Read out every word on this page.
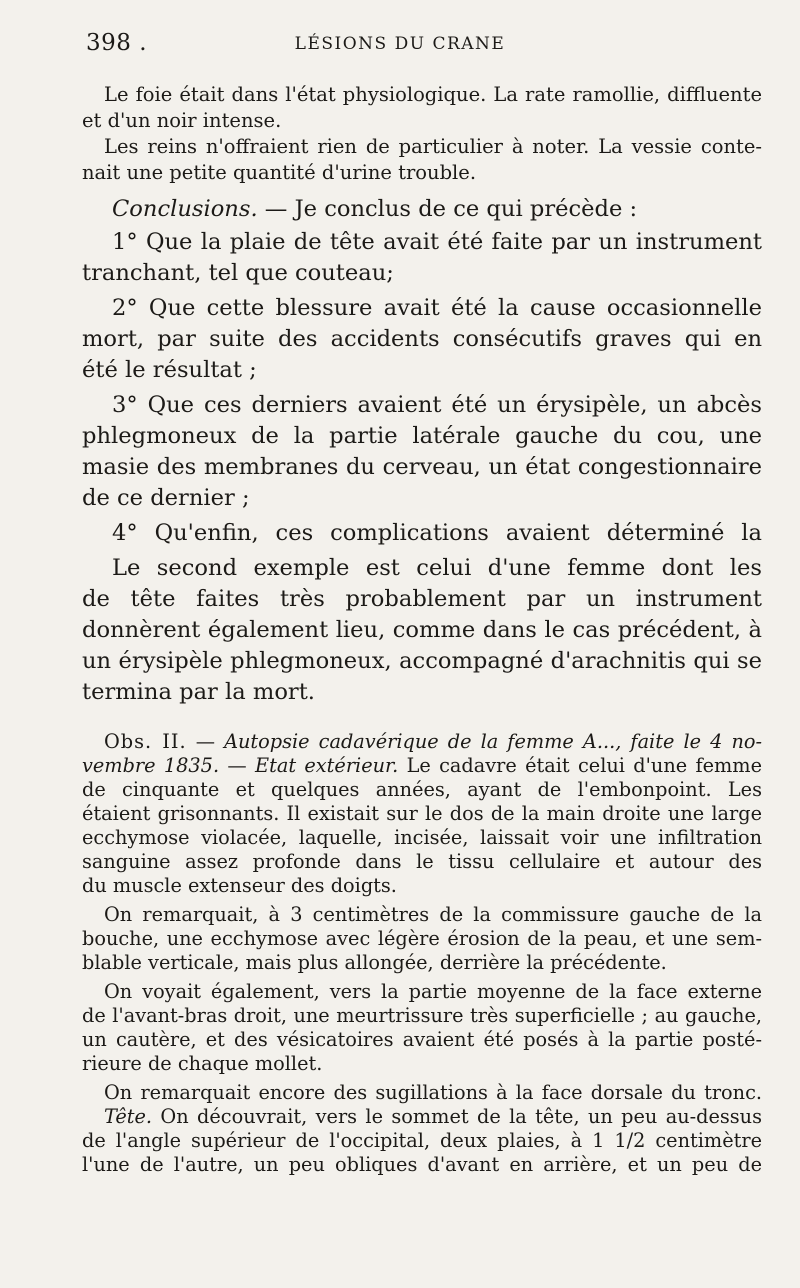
398 .	LÉSIONS DU CRANE
Le foie était dans l'état physiologique. La rate ramollie, diffluente
et d'un noir intense.
Les reins n'offraient rien de particulier à noter. La vessie conte-
nait une petite quantité d'urine trouble.
Conclusions. — Je conclus de ce qui précède :
1° Que la plaie de tête avait été faite par un instrument
tranchant, tel que couteau;
2° Que cette blessure avait été la cause occasionnelle
mort, par suite des accidents consécutifs graves qui en
été le résultat ;
3° Que ces derniers avaient été un érysipèle, un abcès
phlegmoneux de la partie latérale gauche du cou, une
masie des membranes du cerveau, un état congestionnaire
de ce dernier ;
4° Qu'enfin, ces complications avaient déterminé la
Le second exemple est celui d'une femme dont les
de tête faites très probablement par un instrument
donnèrent également lieu, comme dans le cas précédent, à
un érysipèle phlegmoneux, accompagné d'arachnitis qui se
termina par la mort.
Obs. II. — Autopsie cadavérique de la femme A..., faite le 4 no-
vembre 1835. — Etat extérieur. Le cadavre était celui d'une femme
de cinquante et quelques années, ayant de l'embonpoint. Les
étaient grisonnants. Il existait sur le dos de la main droite une large
ecchymose violacée, laquelle, incisée, laissait voir une infiltration
sanguine assez profonde dans le tissu cellulaire et autour des
du muscle extenseur des doigts.
On remarquait, à 3 centimètres de la commissure gauche de la
bouche, une ecchymose avec légère érosion de la peau, et une sem-
blable verticale, mais plus allongée, derrière la précédente.
On voyait également, vers la partie moyenne de la face externe
de l'avant-bras droit, une meurtrissure très superficielle ; au gauche,
un cautère, et des vésicatoires avaient été posés à la partie posté-
rieure de chaque mollet.
On remarquait encore des sugillations à la face dorsale du tronc.
Tête. On découvrait, vers le sommet de la tête, un peu au-dessus
de l'angle supérieur de l'occipital, deux plaies, à 1 1/2 centimètre
l'une de l'autre, un peu obliques d'avant en arrière, et un peu de
